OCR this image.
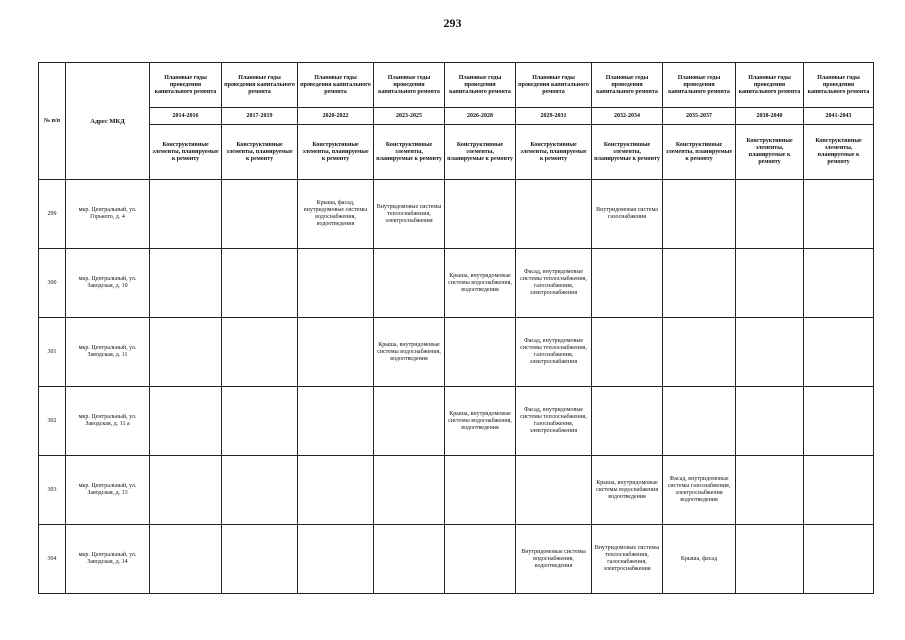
293
№ п/п	Адрес МКД	Плановые годы проведения капитального ремонта	Плановые годы проведения капитального ремонта	Плановые годы проведения капитального ремонта	Плановые годы проведения капитального ремонта	Плановые годы проведения капитального ремонта	Плановые годы проведения капитального ремонта	Плановые годы проведения капитального ремонта	Плановые годы проведения капитального ремонта	Плановые годы проведения капитального ремонта	Плановые годы проведения капитального ремонта
		2014-2016	2017-2019	2020-2022	2023-2025	2026-2028	2029-2031	2032-2034	2035-2037	2038-2040	2041-2043
		Конструктивные элементы, планируемые к ремонту	Конструктивные элементы, планируемые к ремонту	Конструктивные элементы, планируемые к ремонту	Конструктивные элементы, планируемые к ремонту	Конструктивные элементы, планируемые к ремонту	Конструктивные элементы, планируемые к ремонту	Конструктивные элементы, планируемые к ремонту	Конструктивные элементы, планируемые к ремонту	Конструктивные элементы, планируемые к ремонту	Конструктивные элементы, планируемые к ремонту
299	мкр. Центральный, ул. Горького, д. 4			Крыша, фасад, внутридомовые системы водоснабжения, водоотведения	Внутридомовые системы теплоснабжения, электроснабжения			Внутридомовая система газоснабжения			
300	мкр. Центральный, ул. Заводская, д. 10					Крыша, внутридомовые системы водоснабжения, водоотведения	Фасад, внутридомовые системы теплоснабжения, газоснабжения, электроснабжения				
301	мкр. Центральный, ул. Заводская, д. 11				Крыша, внутридомовые системы водоснабжения, водоотведения		Фасад, внутридомовые системы теплоснабжения, газоснабжения, электроснабжения				
302	мкр. Центральный, ул. Заводская, д. 11 а					Крыша, внутридомовые системы водоснабжения, водоотведения	Фасад, внутридомовые системы теплоснабжения, газоснабжения, электроснабжения				
303	мкр. Центральный, ул. Заводская, д. 13							Крыша, внутридомовые системы водоснабжения водоотведения	Фасад, внутридомовые системы газоснабжения, электроснабжения водоотведения		
304	мкр. Центральный, ул. Заводская, д. 14						Внутридомовые системы водоснабжения, водоотведения	Внутридомовые системы теплоснабжения, газоснабжения, электроснабжения	Крыша, фасад		
